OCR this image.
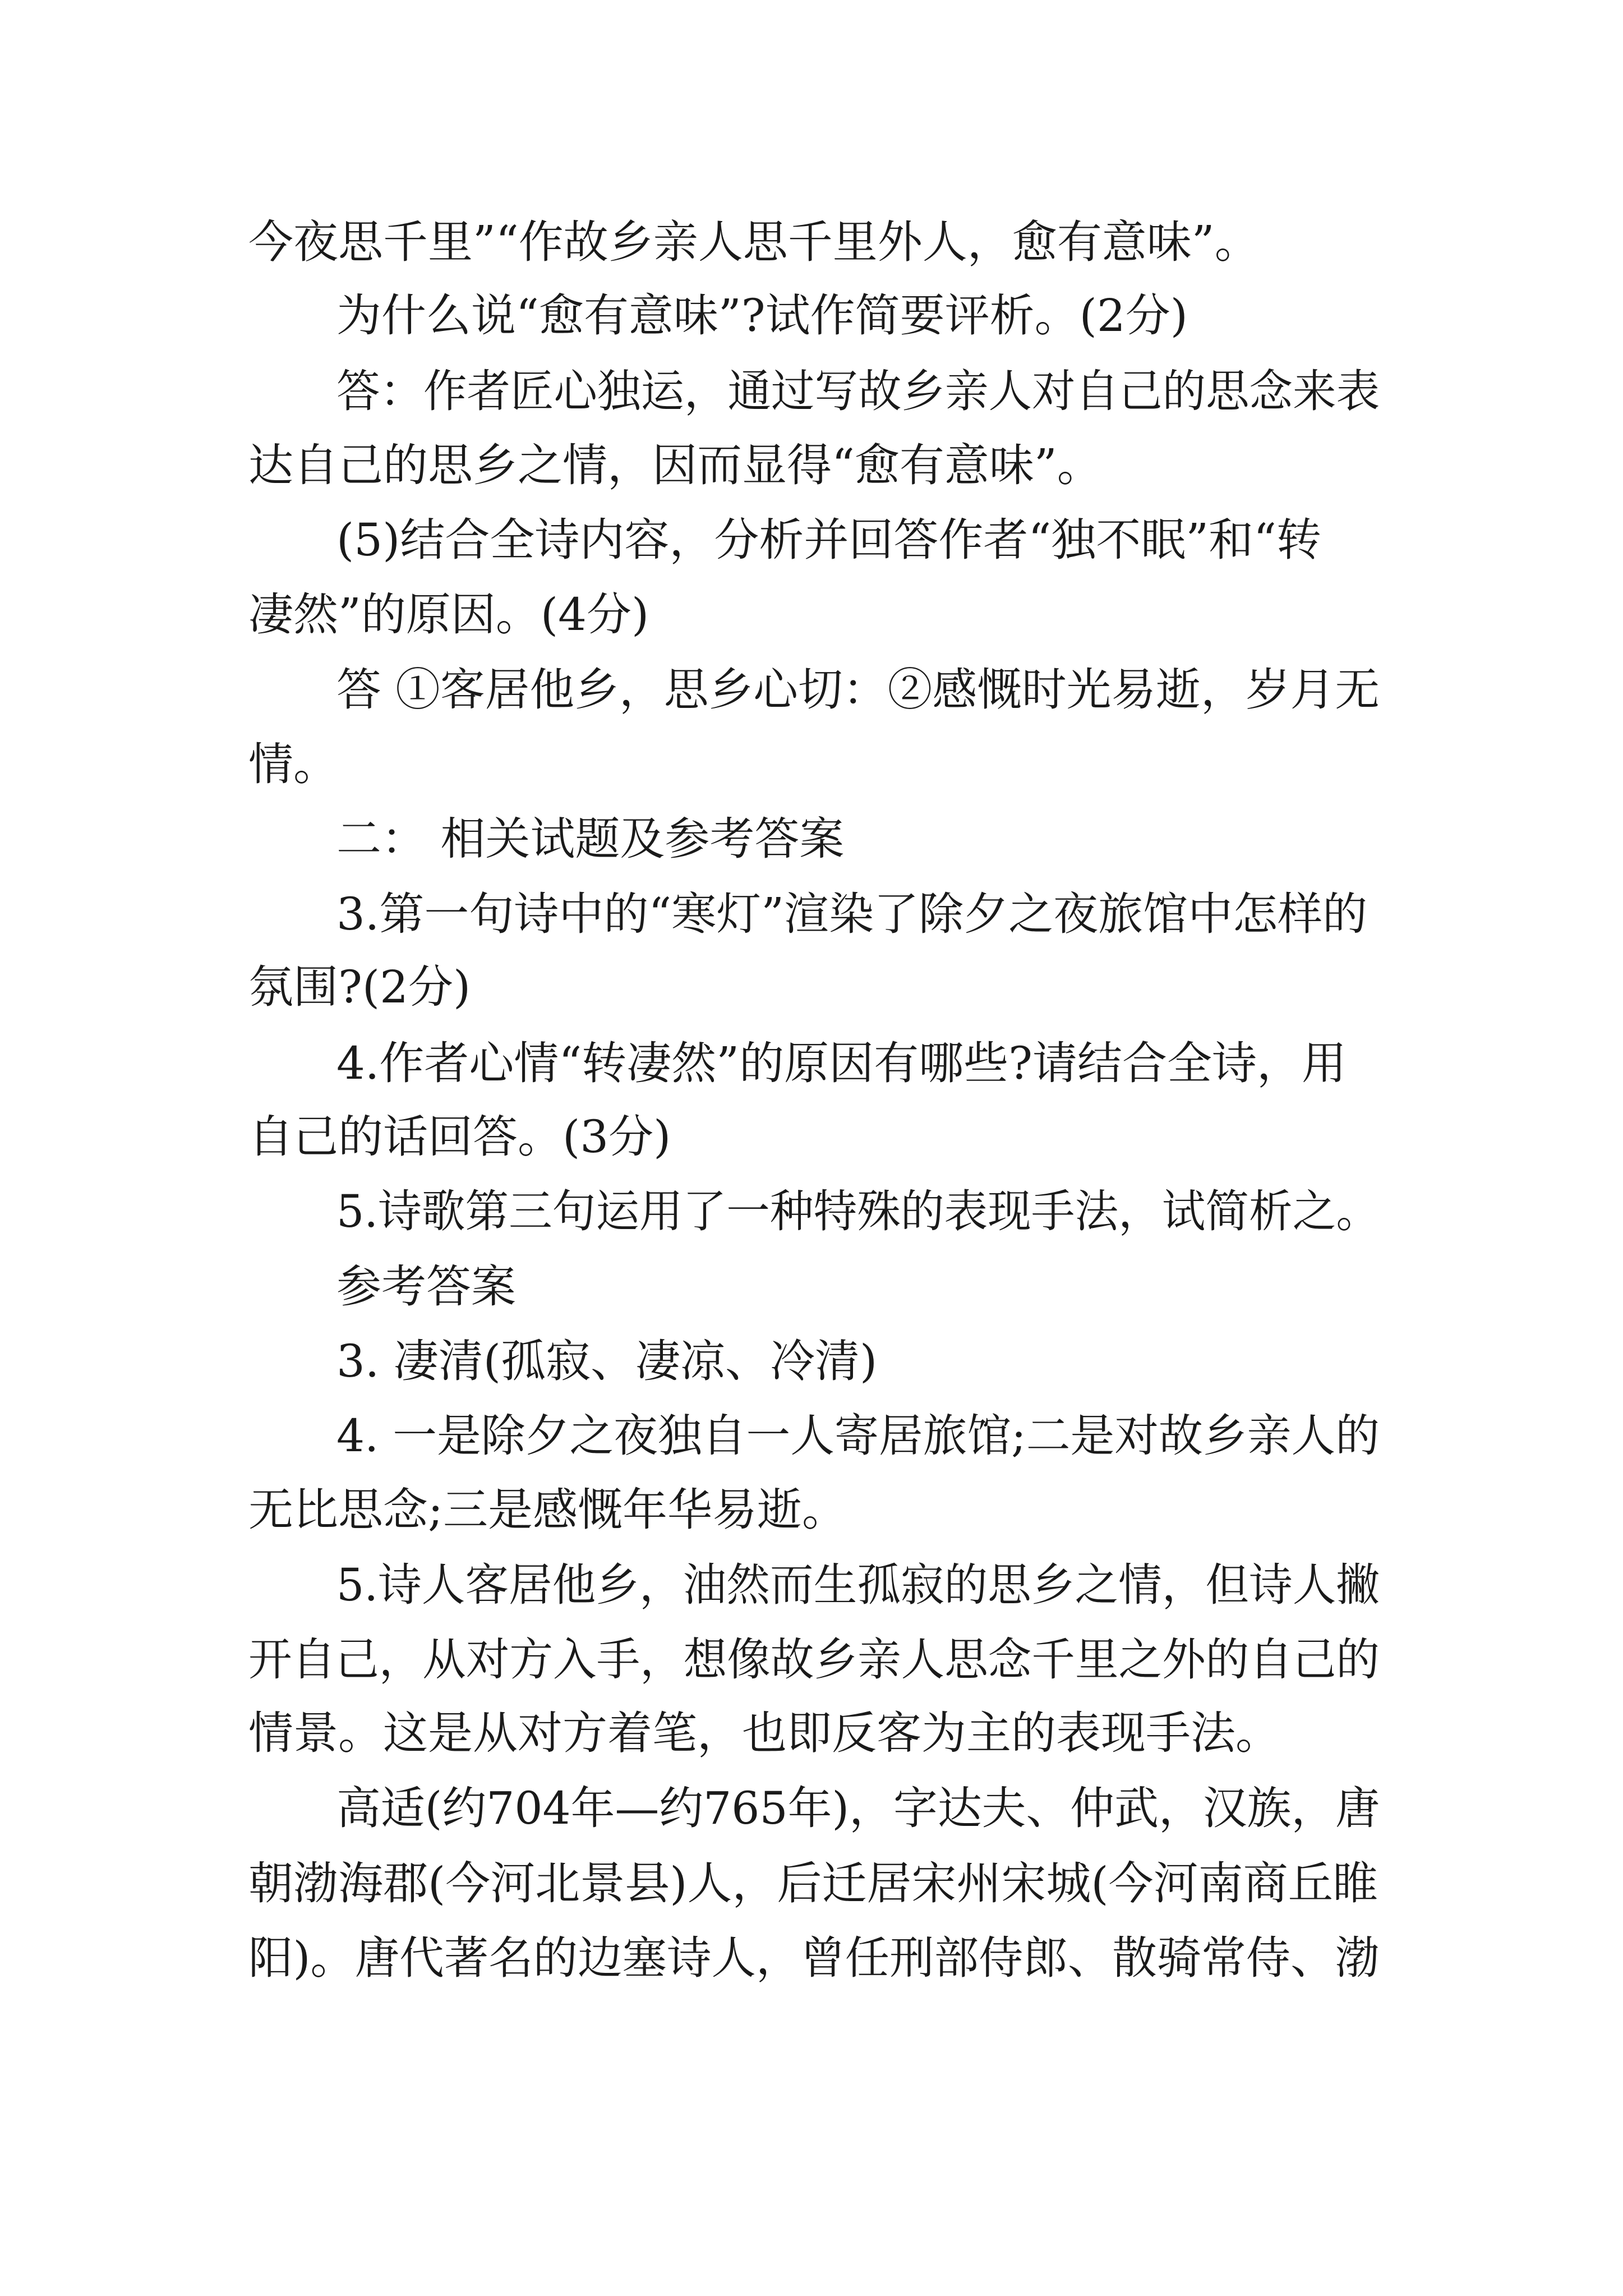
今夜思千里”“作故乡亲人思千里外人，愈有意味”。
为什么说“愈有意味”?试作简要评析。(2分)
答：作者匠心独运，通过写故乡亲人对自己的思念来表
达自己的思乡之情，因而显得“愈有意味”。
(5)结合全诗内容，分析并回答作者“独不眠”和“转
凄然”的原因。(4分)
答 ①客居他乡，思乡心切：②感慨时光易逝，岁月无
情。
二： 相关试题及参考答案
3.第一句诗中的“寒灯”渲染了除夕之夜旅馆中怎样的
氛围?(2分)
4.作者心情“转凄然”的原因有哪些?请结合全诗，用
自己的话回答。(3分)
5.诗歌第三句运用了一种特殊的表现手法，试简析之。
参考答案
3. 凄清(孤寂、凄凉、冷清)
4. 一是除夕之夜独自一人寄居旅馆;二是对故乡亲人的
无比思念;三是感慨年华易逝。
5.诗人客居他乡，油然而生孤寂的思乡之情，但诗人撇
开自己，从对方入手，想像故乡亲人思念千里之外的自己的
情景。这是从对方着笔，也即反客为主的表现手法。
高适(约704年—约765年)，字达夫、仲武，汉族，唐
朝渤海郡(今河北景县)人，后迁居宋州宋城(今河南商丘睢
阳)。唐代著名的边塞诗人，曾任刑部侍郎、散骑常侍、渤
